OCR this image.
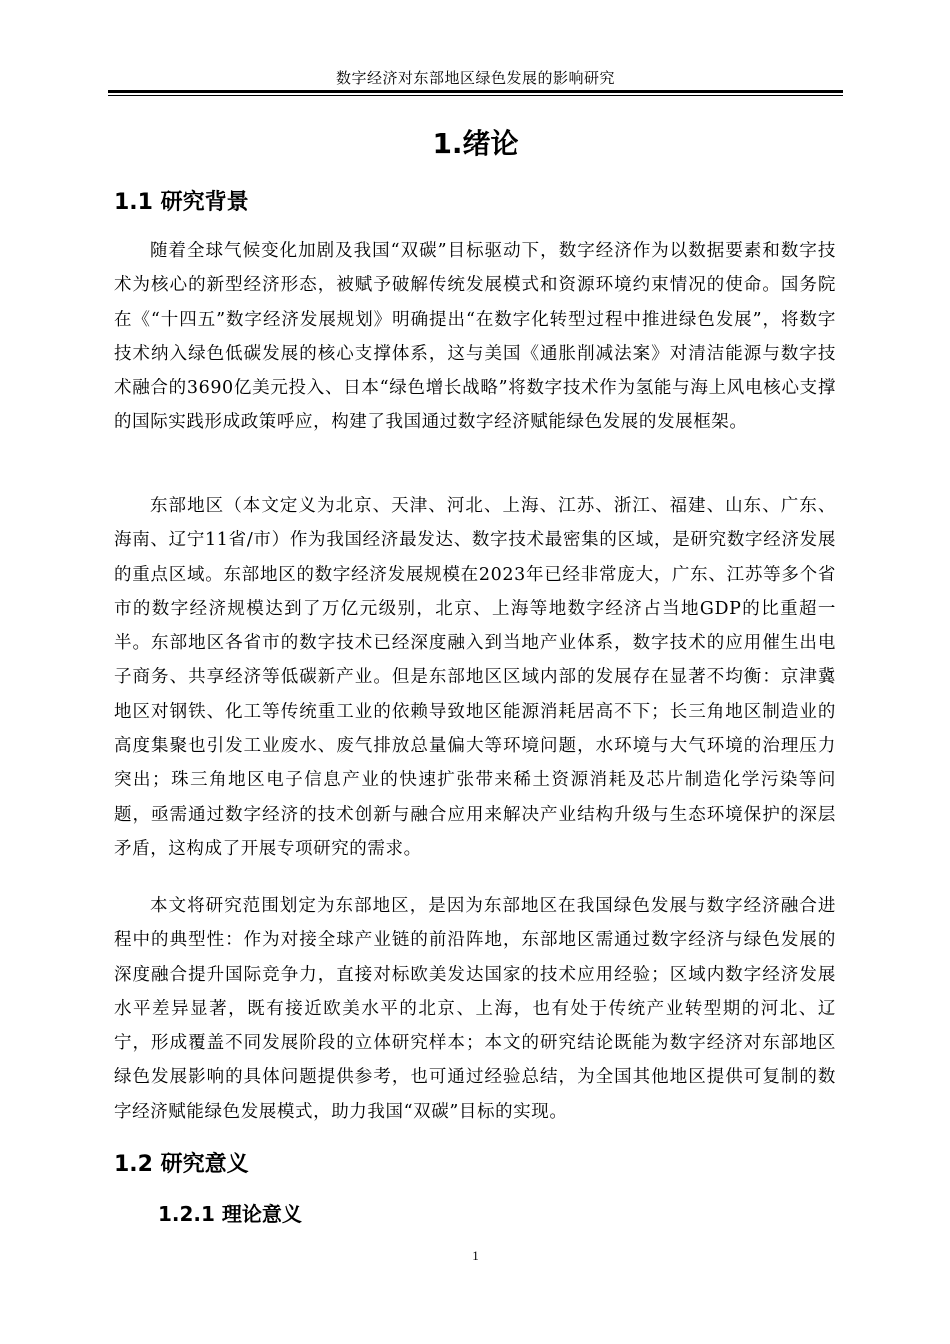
数字经济对东部地区绿色发展的影响研究
1.绪论
1.1 研究背景

随着全球气候变化加剧及我国“双碳”目标驱动下，数字经济作为以数据要素和数字技术为核心的新型经济形态，被赋予破解传统发展模式和资源环境约束情况的使命。国务院在《“十四五”数字经济发展规划》明确提出“在数字化转型过程中推进绿色发展”，将数字技术纳入绿色低碳发展的核心支撑体系，这与美国《通胀削减法案》对清洁能源与数字技术融合的3690亿美元投入、日本“绿色增长战略”将数字技术作为氢能与海上风电核心支撑的国际实践形成政策呼应，构建了我国通过数字经济赋能绿色发展的发展框架。

东部地区（本文定义为北京、天津、河北、上海、江苏、浙江、福建、山东、广东、海南、辽宁11省/市）作为我国经济最发达、数字技术最密集的区域，是研究数字经济发展的重点区域。东部地区的数字经济发展规模在2023年已经非常庞大，广东、江苏等多个省市的数字经济规模达到了万亿元级别，北京、上海等地数字经济占当地GDP的比重超一半。东部地区各省市的数字技术已经深度融入到当地产业体系，数字技术的应用催生出电子商务、共享经济等低碳新产业。但是东部地区区域内部的发展存在显著不均衡：京津冀地区对钢铁、化工等传统重工业的依赖导致地区能源消耗居高不下；长三角地区制造业的高度集聚也引发工业废水、废气排放总量偏大等环境问题，水环境与大气环境的治理压力突出；珠三角地区电子信息产业的快速扩张带来稀土资源消耗及芯片制造化学污染等问题，亟需通过数字经济的技术创新与融合应用来解决产业结构升级与生态环境保护的深层矛盾，这构成了开展专项研究的需求。

本文将研究范围划定为东部地区，是因为东部地区在我国绿色发展与数字经济融合进程中的典型性：作为对接全球产业链的前沿阵地，东部地区需通过数字经济与绿色发展的深度融合提升国际竞争力，直接对标欧美发达国家的技术应用经验；区域内数字经济发展水平差异显著，既有接近欧美水平的北京、上海，也有处于传统产业转型期的河北、辽宁，形成覆盖不同发展阶段的立体研究样本；本文的研究结论既能为数字经济对东部地区绿色发展影响的具体问题提供参考，也可通过经验总结，为全国其他地区提供可复制的数字经济赋能绿色发展模式，助力我国“双碳”目标的实现。

1.2 研究意义
1.2.1 理论意义
1
